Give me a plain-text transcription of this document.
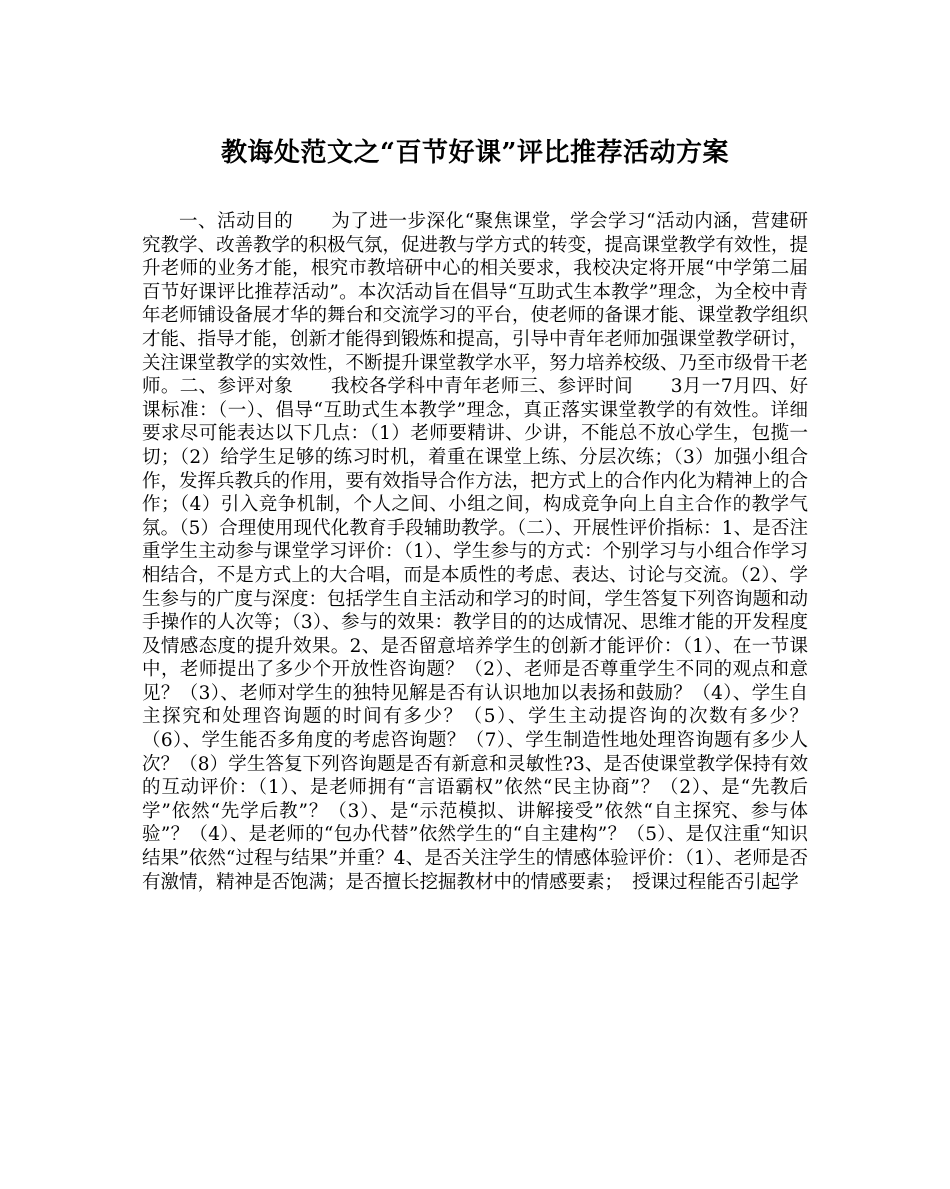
教诲处范文之“百节好课”评比推荐活动方案

一、活动目的　　为了进一步深化“聚焦课堂，学会学习“活动内涵，营建研究教学、改善教学的积极气氛，促进教与学方式的转变，提高课堂教学有效性，提升老师的业务才能，根究市教培研中心的相关要求，我校决定将开展“中学第二届百节好课评比推荐活动”。本次活动旨在倡导“互助式生本教学”理念，为全校中青年老师铺设备展才华的舞台和交流学习的平台，使老师的备课才能、课堂教学组织才能、指导才能，创新才能得到锻炼和提高，引导中青年老师加强课堂教学研讨，关注课堂教学的实效性，不断提升课堂教学水平，努力培养校级、乃至市级骨干老师。二、参评对象　　我校各学科中青年老师三、参评时间　　3月一7月四、好课标准：（一）、倡导“互助式生本教学”理念，真正落实课堂教学的有效性。详细要求尽可能表达以下几点：（1）老师要精讲、少讲，不能总不放心学生，包揽一切；（2）给学生足够的练习时机，着重在课堂上练、分层次练；（3）加强小组合作，发挥兵教兵的作用，要有效指导合作方法，把方式上的合作内化为精神上的合作；（4）引入竞争机制，个人之间、小组之间，构成竞争向上自主合作的教学气氛。（5）合理使用现代化教育手段辅助教学。（二）、开展性评价指标：1、是否注重学生主动参与课堂学习评价：（1）、学生参与的方式：个别学习与小组合作学习相结合，不是方式上的大合唱，而是本质性的考虑、表达、讨论与交流。（2）、学生参与的广度与深度：包括学生自主活动和学习的时间，学生答复下列咨询题和动手操作的人次等；（3）、参与的效果：教学目的的达成情况、思维才能的开发程度及情感态度的提升效果。2、是否留意培养学生的创新才能评价：（1）、在一节课中，老师提出了多少个开放性咨询题？（2）、老师是否尊重学生不同的观点和意见？（3）、老师对学生的独特见解是否有认识地加以表扬和鼓励？（4）、学生自主探究和处理咨询题的时间有多少？（5）、学生主动提咨询的次数有多少？（6）、学生能否多角度的考虑咨询题？（7）、学生制造性地处理咨询题有多少人次？（8）学生答复下列咨询题是否有新意和灵敏性?3、是否使课堂教学保持有效的互动评价：（1）、是老师拥有“言语霸权”依然“民主协商”？（2）、是“先教后学”依然“先学后教”？（3）、是“示范模拟、讲解接受”依然“自主探究、参与体验”？（4）、是老师的“包办代替”依然学生的“自主建构”？（5）、是仅注重“知识结果”依然“过程与结果”并重？4、是否关注学生的情感体验评价：（1）、老师是否有激情，精神是否饱满；是否擅长挖掘教材中的情感要素；　授课过程能否引起学
